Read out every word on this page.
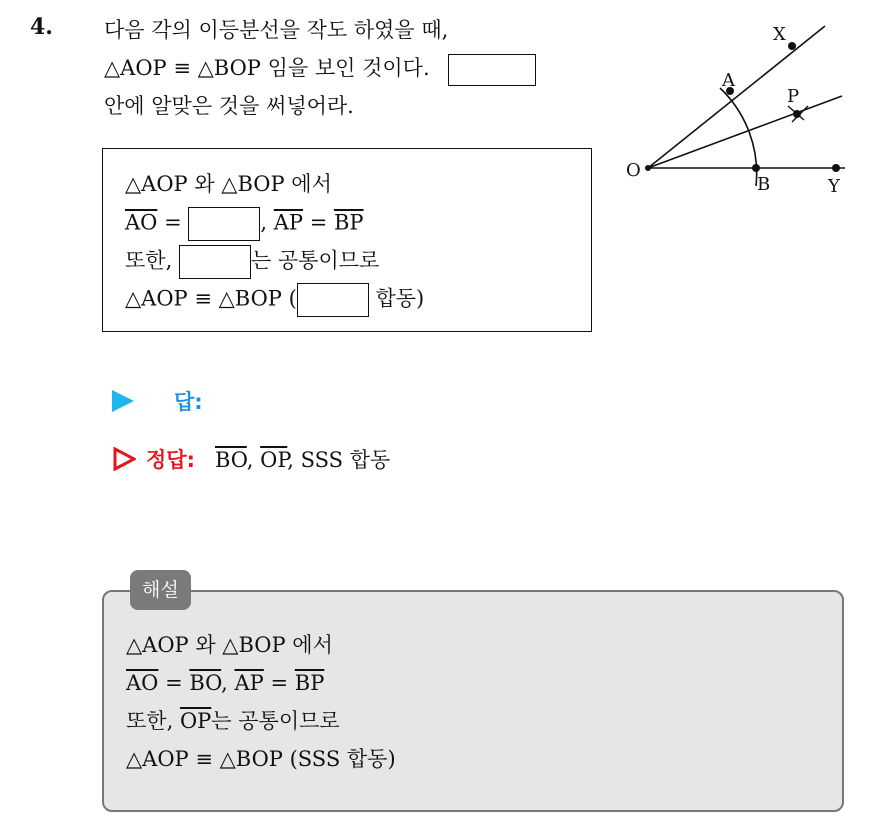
4. 다음 각의 이등분선을 작도 하였을 때,
△AOP ≡ △BOP 임을 보인 것이다.
안에 알맞은 것을 써넣어라.
X
A
P
O
B	Y
△AOP 와 △BOP 에서
$\overline{AO}$ =	, $\overline{AP} = \overline{BP}$
또한,	는 공통이므로
△AOP ≡ △BOP (	합동)
답:
정답: $\overline{BO}$, $\overline{OP}$, SSS 합동
△AOP 와 △BOP 에서
$\overline{AO} = \overline{BO}$, $\overline{AP} = \overline{BP}$
또한, $\overline{OP}$는 공통이므로
△AOP ≡ △BOP (SSS 합동)
해설
